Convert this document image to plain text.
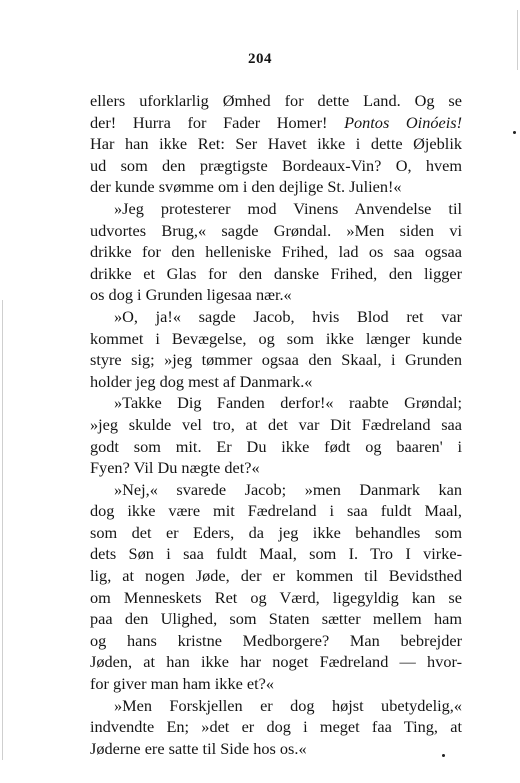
204
ellers uforklarlig Ømhed for dette Land. Og se
der! Hurra for Fader Homer! Pontos Oinóeis!
Har han ikke Ret: Ser Havet ikke i dette Øjeblik
ud som den prægtigste Bordeaux-Vin? O, hvem
der kunde svømme om i den dejlige St. Julien!«
»Jeg protesterer mod Vinens Anvendelse til
udvortes Brug,« sagde Grøndal. »Men siden vi
drikke for den helleniske Frihed, lad os saa ogsaa
drikke et Glas for den danske Frihed, den ligger
os dog i Grunden ligesaa nær.«
»O, ja!« sagde Jacob, hvis Blod ret var
kommet i Bevægelse, og som ikke længer kunde
styre sig; »jeg tømmer ogsaa den Skaal, i Grunden
holder jeg dog mest af Danmark.«
»Takke Dig Fanden derfor!« raabte Grøndal;
»jeg skulde vel tro, at det var Dit Fædreland saa
godt som mit. Er Du ikke født og baaren' i
Fyen? Vil Du nægte det?«
»Nej,« svarede Jacob; »men Danmark kan
dog ikke være mit Fædreland i saa fuldt Maal,
som det er Eders, da jeg ikke behandles som
dets Søn i saa fuldt Maal, som I. Tro I virke-
lig, at nogen Jøde, der er kommen til Bevidsthed
om Menneskets Ret og Værd, ligegyldig kan se
paa den Ulighed, som Staten sætter mellem ham
og hans kristne Medborgere? Man bebrejder
Jøden, at han ikke har noget Fædreland — hvor-
for giver man ham ikke et?«
»Men Forskjellen er dog højst ubetydelig,«
indvendte En; »det er dog i meget faa Ting, at
Jøderne ere satte til Side hos os.«
